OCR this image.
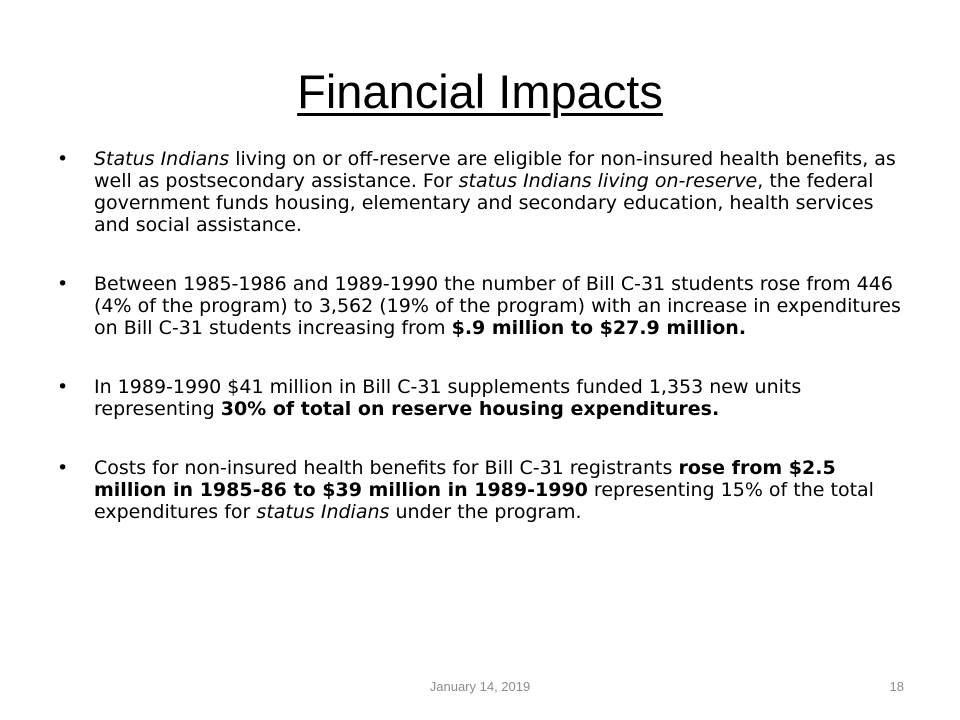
Financial Impacts
• Status Indians living on or off-reserve are eligible for non-insured health benefits, as well as postsecondary assistance. For status Indians living on-reserve, the federal government funds housing, elementary and secondary education, health services and social assistance.
• Between 1985-1986 and 1989-1990 the number of Bill C-31 students rose from 446 (4% of the program) to 3,562 (19% of the program) with an increase in expenditures on Bill C-31 students increasing from $.9 million to $27.9 million.
• In 1989-1990 $41 million in Bill C-31 supplements funded 1,353 new units representing 30% of total on reserve housing expenditures.
• Costs for non-insured health benefits for Bill C-31 registrants rose from $2.5 million in 1985-86 to $39 million in 1989-1990 representing 15% of the total expenditures for status Indians under the program.
January 14, 2019	18
